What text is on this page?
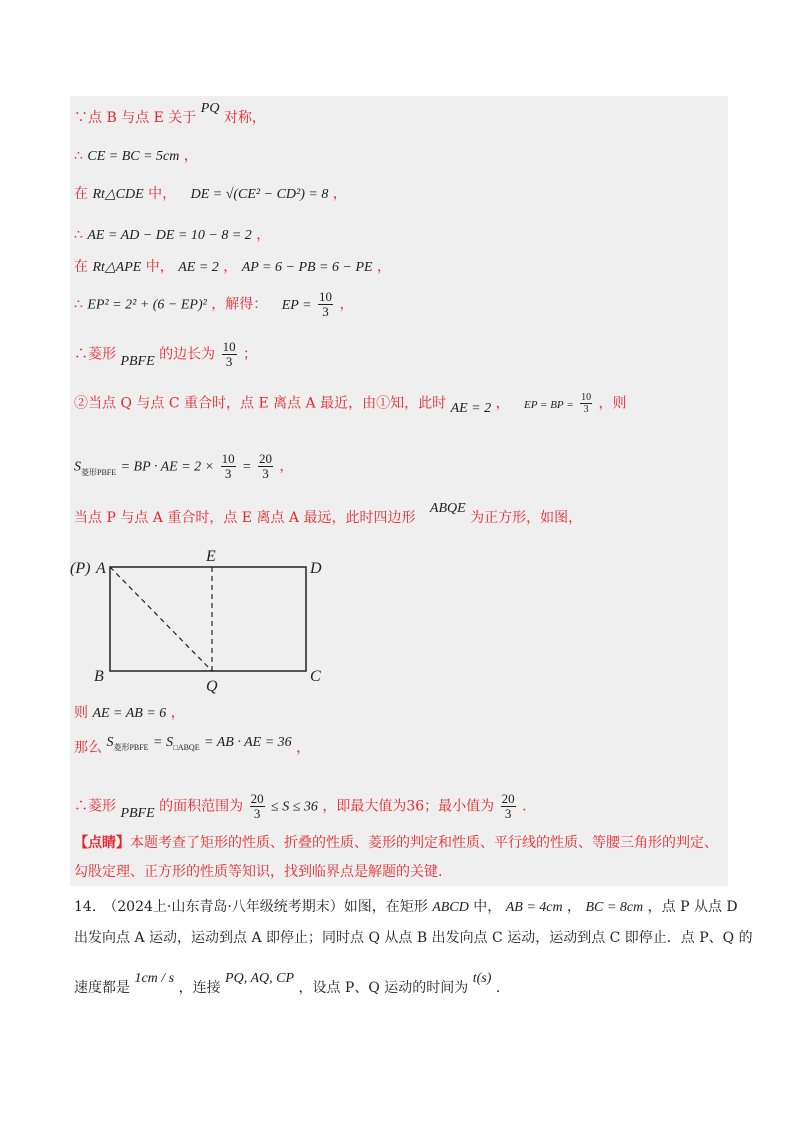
∵点 B 与点 E 关于 PQ 对称，
∴ CE = BC = 5cm ，
在 Rt△CDE 中， DE = √(CE² − CD²) = 8 ，
∴ AE = AD − DE = 10 − 8 = 2 ，
在 Rt△APE 中， AE = 2 ， AP = 6 − PB = 6 − PE ，
∴ EP² = 2² + (6 − EP)² ，解得： EP = $\frac{10}{3}$ ，
∴菱形 PBFE 的边长为 $\frac{10}{3}$ ；
②当点 Q 与点 C 重合时，点 E 离点 A 最近，由①知，此时 AE = 2 ， EP = BP = $\frac{10}{3}$ ，则
$S_{菱形PBFE}$ = BP · AE = $2 \times \frac{10}{3} = \frac{20}{3}$ ，
当点 P 与点 A 重合时，点 E 离点 A 最远，此时四边形 ABQE 为正方形，如图，
(P) A
E
D
B
Q
C
则 AE = AB = 6 ，
那么 S菱形PBFE = S□ABQE = AB · AE = 36 ，
∴菱形 PBFE 的面积范围为 $\frac{20}{3} \le S \le 36$ ，即最大值为36；最小值为 $\frac{20}{3}$ .
【点睛】本题考查了矩形的性质、折叠的性质、菱形的判定和性质、平行线的性质、等腰三角形的判定、
勾股定理、正方形的性质等知识，找到临界点是解题的关键.
14.　（2024上·山东青岛·八年级统考期末）如图，在矩形 ABCD 中， AB = 4cm ， BC = 8cm ，点 P 从点 D
出发向点 A 运动，运动到点 A 即停止；同时点 Q 从点 B 出发向点 C 运动，运动到点 C 即停止．点 P、Q 的
速度都是 1cm / s ，连接 PQ, AQ, CP ，设点 P、Q 运动的时间为 t(s) .
